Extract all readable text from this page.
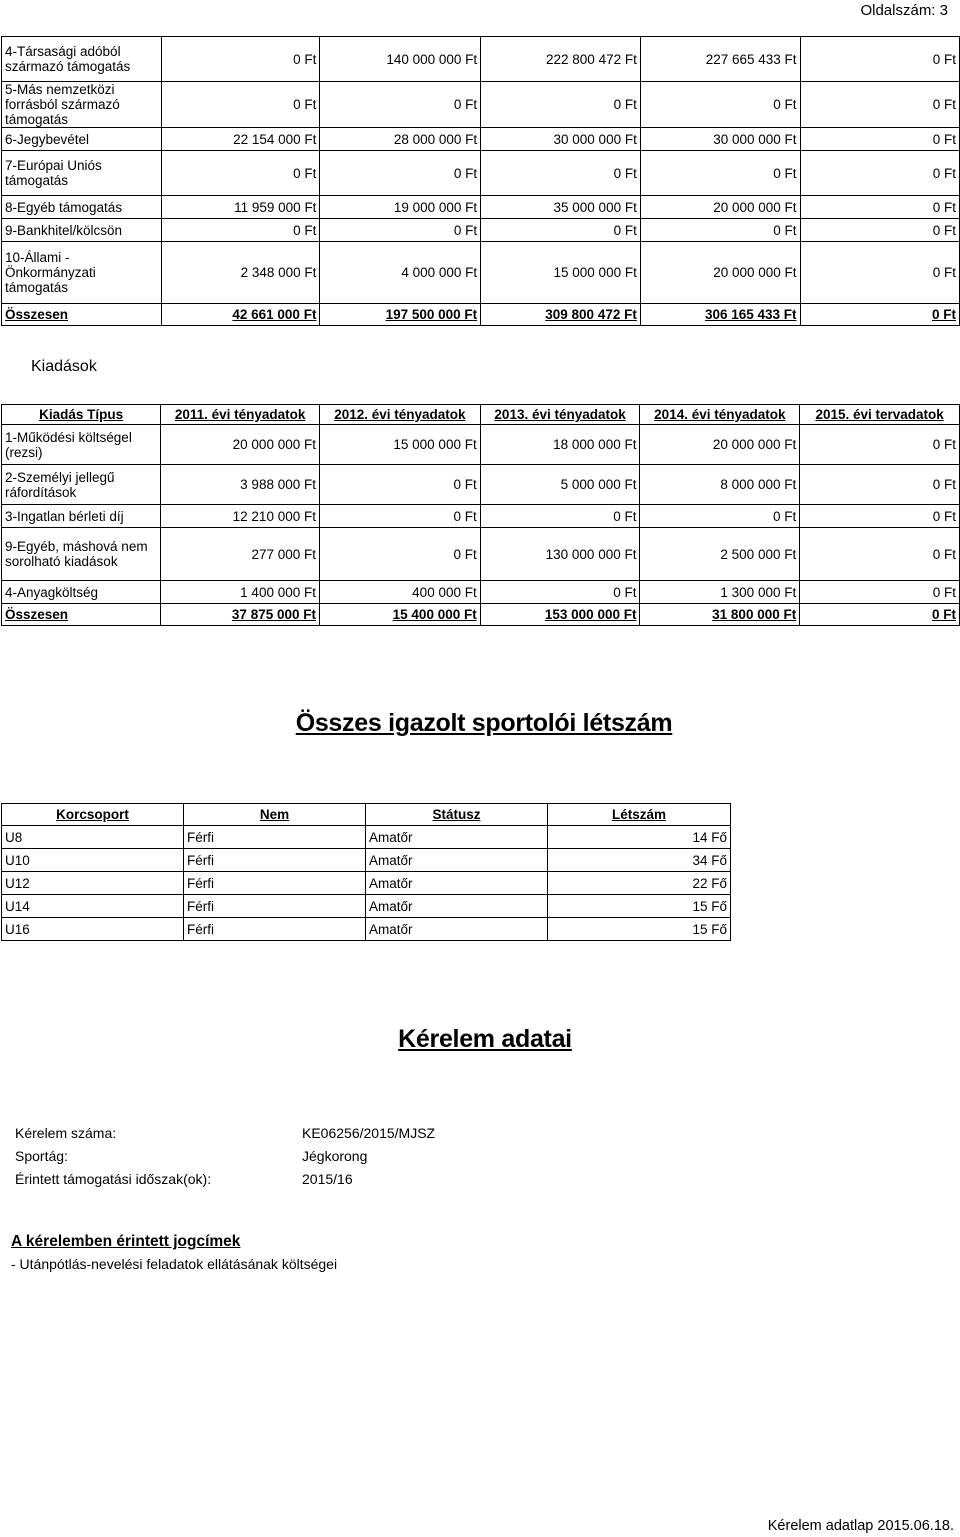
Oldalszám: 3
4-Társasági adóból származó támogatás	0 Ft	140 000 000 Ft	222 800 472 Ft	227 665 433 Ft	0 Ft
5-Más nemzetközi forrásból származó támogatás	0 Ft	0 Ft	0 Ft	0 Ft	0 Ft
6-Jegybevétel	22 154 000 Ft	28 000 000 Ft	30 000 000 Ft	30 000 000 Ft	0 Ft
7-Európai Uniós támogatás	0 Ft	0 Ft	0 Ft	0 Ft	0 Ft
8-Egyéb támogatás	11 959 000 Ft	19 000 000 Ft	35 000 000 Ft	20 000 000 Ft	0 Ft
9-Bankhitel/kölcsön	0 Ft	0 Ft	0 Ft	0 Ft	0 Ft
10-Állami - Önkormányzati támogatás	2 348 000 Ft	4 000 000 Ft	15 000 000 Ft	20 000 000 Ft	0 Ft
Összesen	42 661 000 Ft	197 500 000 Ft	309 800 472 Ft	306 165 433 Ft	0 Ft
Kiadások
Kiadás Típus	2011. évi tényadatok	2012. évi tényadatok	2013. évi tényadatok	2014. évi tényadatok	2015. évi tervadatok
1-Működési költségel (rezsi)	20 000 000 Ft	15 000 000 Ft	18 000 000 Ft	20 000 000 Ft	0 Ft
2-Személyi jellegű ráfordítások	3 988 000 Ft	0 Ft	5 000 000 Ft	8 000 000 Ft	0 Ft
3-Ingatlan bérleti díj	12 210 000 Ft	0 Ft	0 Ft	0 Ft	0 Ft
9-Egyéb, máshová nem sorolható kiadások	277 000 Ft	0 Ft	130 000 000 Ft	2 500 000 Ft	0 Ft
4-Anyagköltség	1 400 000 Ft	400 000 Ft	0 Ft	1 300 000 Ft	0 Ft
Összesen	37 875 000 Ft	15 400 000 Ft	153 000 000 Ft	31 800 000 Ft	0 Ft
Összes igazolt sportolói létszám
Korcsoport	Nem	Státusz	Létszám
U8	Férfi	Amatőr	14 Fő
U10	Férfi	Amatőr	34 Fő
U12	Férfi	Amatőr	22 Fő
U14	Férfi	Amatőr	15 Fő
U16	Férfi	Amatőr	15 Fő
Kérelem adatai
Kérelem száma:	KE06256/2015/MJSZ
Sportág:	Jégkorong
Érintett támogatási időszak(ok):	2015/16
A kérelemben érintett jogcímek
- Utánpótlás-nevelési feladatok ellátásának költségei
Kérelem adatlap 2015.06.18.
